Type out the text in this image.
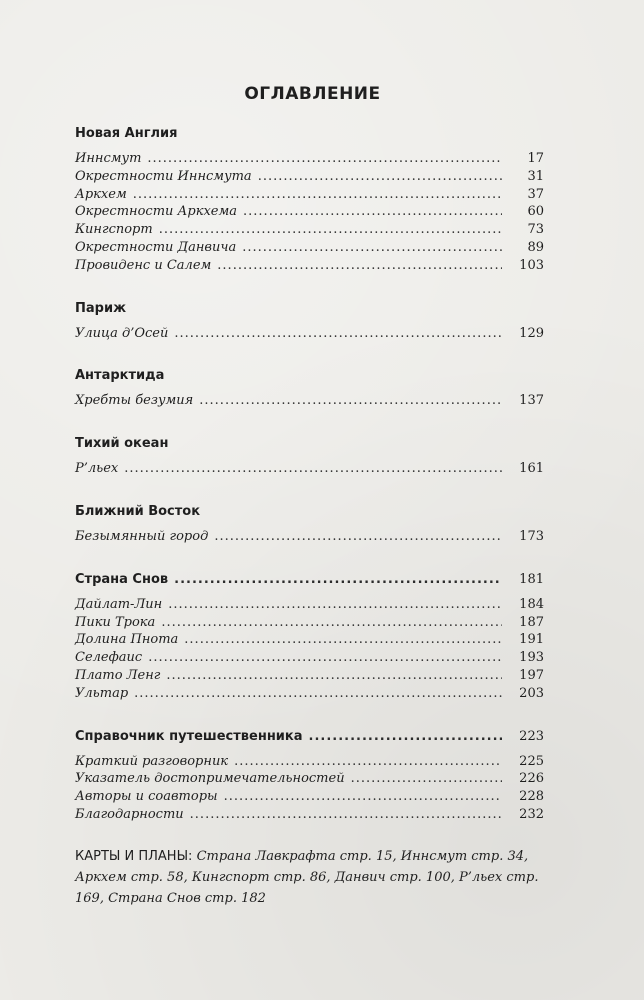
ОГЛАВЛЕНИЕ
Новая Англия
Иннсмут .....	17
Окрестности Иннсмута .....	31
Аркхем .....	37
Окрестности Аркхема .....	60
Кингспорт .....	73
Окрестности Данвича .....	89
Провиденс и Салем .....	103
Париж
Улица д’Осей .....	129
Антарктида
Хребты безумия .....	137
Тихий океан
Р’льех .....	161
Ближний Восток
Безымянный город .....	173
Страна Снов .....	181
Дайлат-Лин .....	184
Пики Трока .....	187
Долина Пнота .....	191
Селефаис .....	193
Плато Ленг .....	197
Ультар .....	203
Справочник путешественника .....	223
Краткий разговорник .....	225
Указатель достопримечательностей .....	226
Авторы и соавторы .....	228
Благодарности .....	232
КАРТЫ И ПЛАНЫ: Страна Лавкрафта стр. 15, Иннсмут стр. 34, Аркхем стр. 58, Кингспорт стр. 86, Данвич стр. 100, Р’льех стр. 169, Страна Снов стр. 182
